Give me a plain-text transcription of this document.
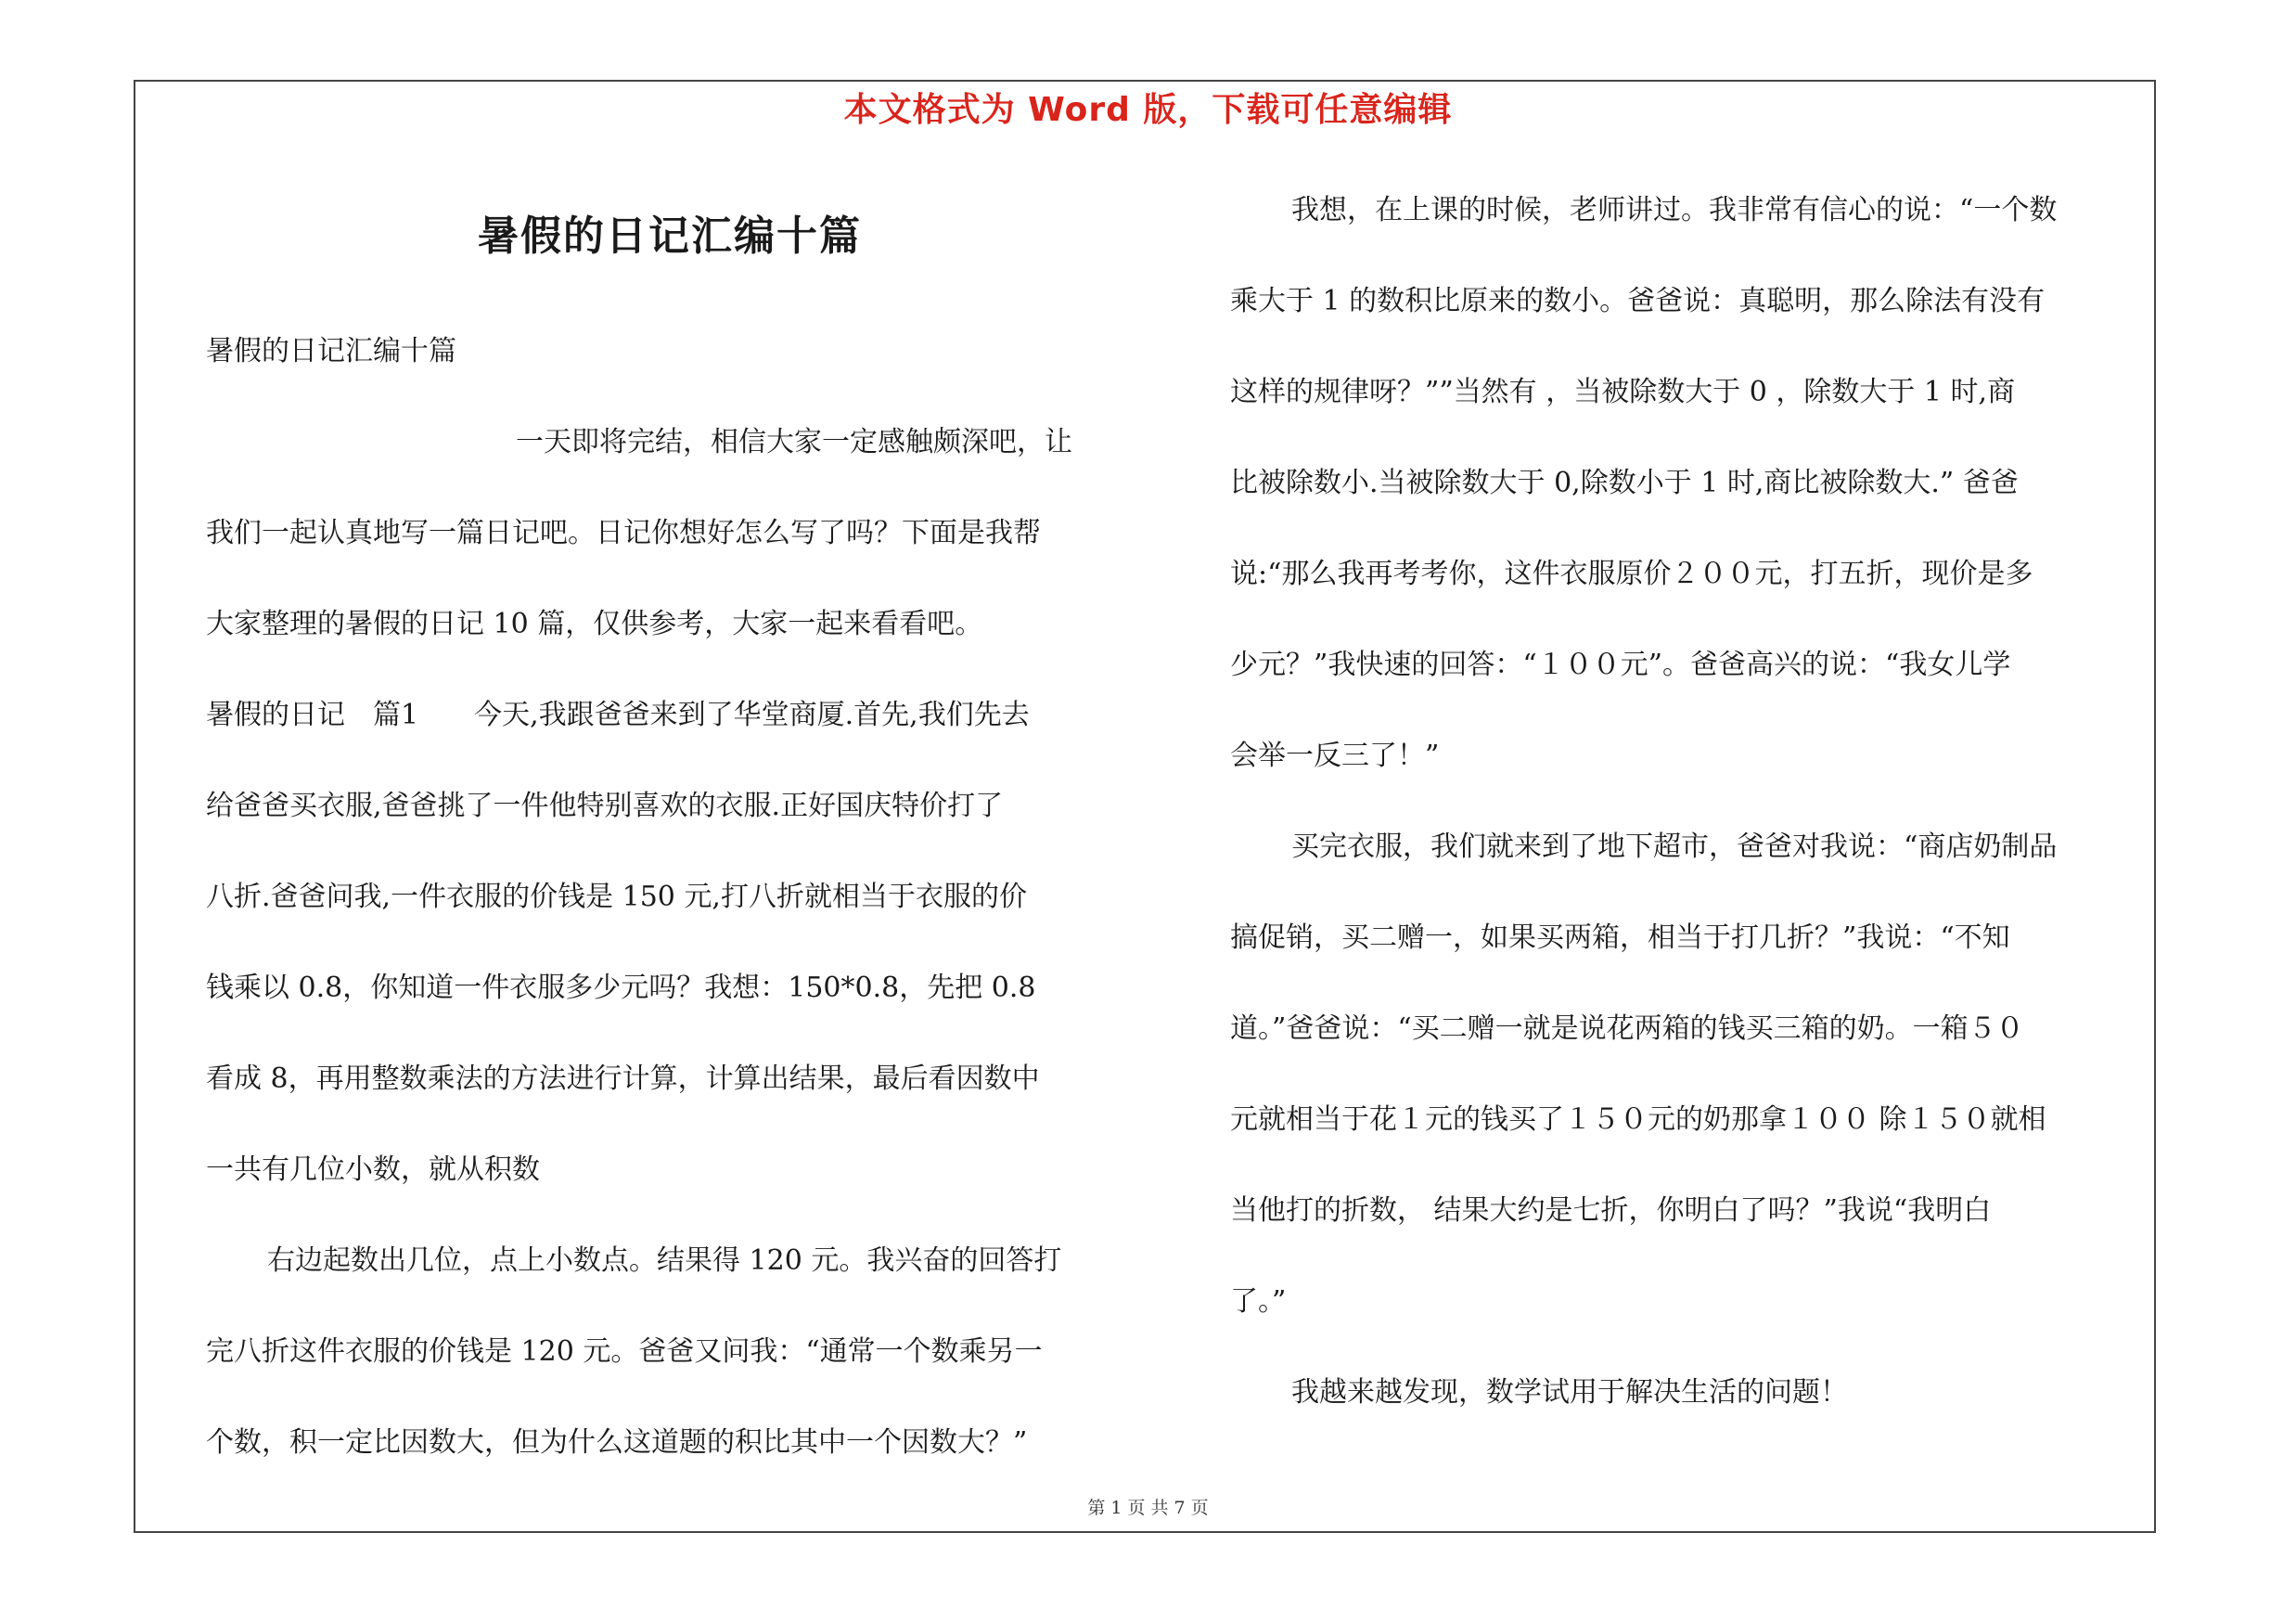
本文格式为 Word 版，下载可任意编辑
暑假的日记汇编十篇
暑假的日记汇编十篇
一天即将完结，相信大家一定感触颇深吧，让
我们一起认真地写一篇日记吧。日记你想好怎么写了吗？下面是我帮
大家整理的暑假的日记 10 篇，仅供参考，大家一起来看看吧。
暑假的日记　篇1　　今天,我跟爸爸来到了华堂商厦.首先,我们先去
给爸爸买衣服,爸爸挑了一件他特别喜欢的衣服.正好国庆特价打了
八折.爸爸问我,一件衣服的价钱是 150 元,打八折就相当于衣服的价
钱乘以 0.8，你知道一件衣服多少元吗？我想：150*0.8，先把 0.8
看成 8，再用整数乘法的方法进行计算，计算出结果，最后看因数中
一共有几位小数，就从积数
右边起数出几位，点上小数点。结果得 120 元。我兴奋的回答打
完八折这件衣服的价钱是 120 元。爸爸又问我：“通常一个数乘另一
个数，积一定比因数大，但为什么这道题的积比其中一个因数大？”
我想，在上课的时候，老师讲过。我非常有信心的说：“一个数
乘大于 1 的数积比原来的数小。爸爸说：真聪明，那么除法有没有
这样的规律呀？””当然有 ，当被除数大于 0 ，除数大于 1 时,商
比被除数小.当被除数大于 0,除数小于 1 时,商比被除数大.” 爸爸
说:“那么我再考考你，这件衣服原价２００元，打五折，现价是多
少元？”我快速的回答：“１００元”。爸爸高兴的说：“我女儿学
会举一反三了！”
买完衣服，我们就来到了地下超市，爸爸对我说：“商店奶制品
搞促销，买二赠一，如果买两箱，相当于打几折？”我说：“不知
道。”爸爸说：“买二赠一就是说花两箱的钱买三箱的奶。一箱５０
元就相当于花１元的钱买了１５０元的奶那拿１００ 除１５０就相
当他打的折数， 结果大约是七折，你明白了吗？”我说“我明白
了。”
我越来越发现，数学试用于解决生活的问题！
第 1 页 共 7 页
